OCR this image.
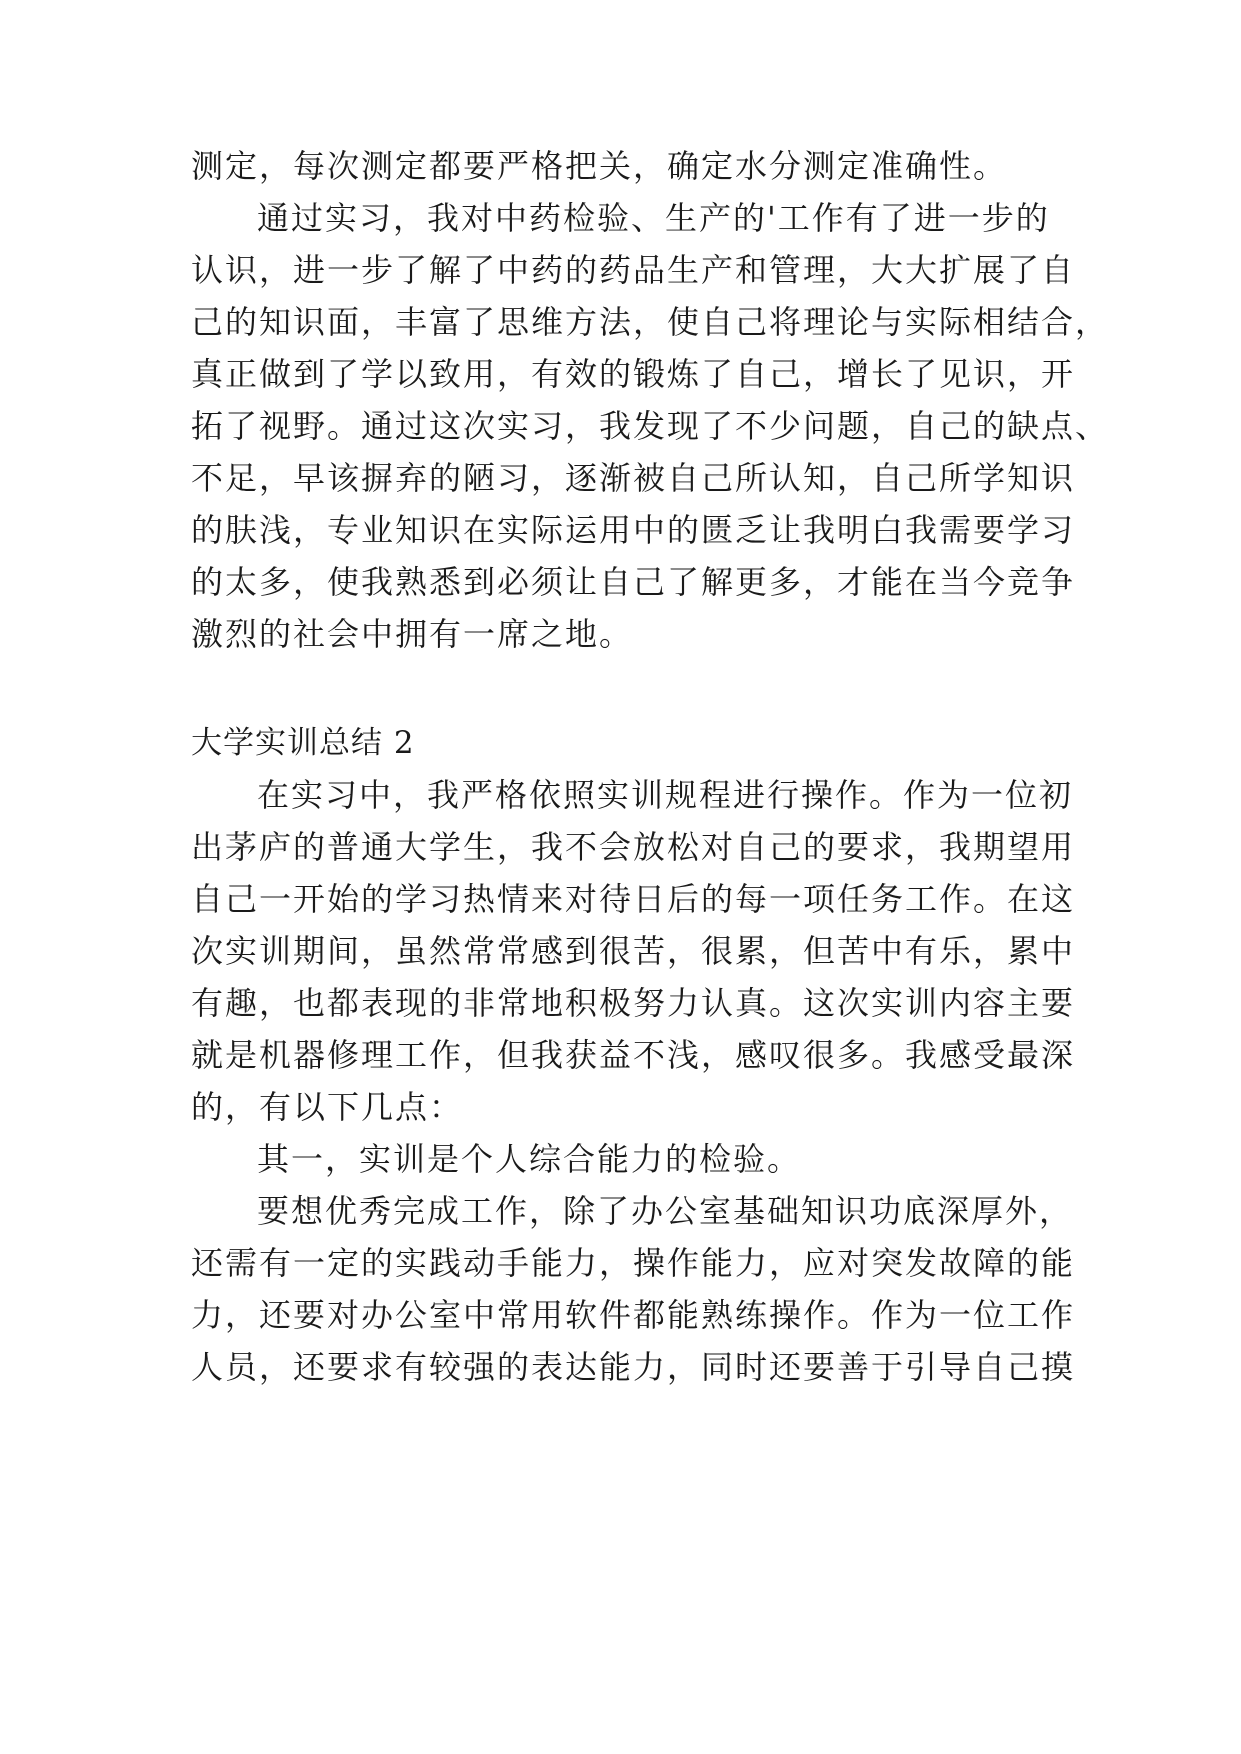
测定，每次测定都要严格把关，确定水分测定准确性。
通过实习，我对中药检验、生产的'工作有了进一步的
认识，进一步了解了中药的药品生产和管理，大大扩展了自
己的知识面，丰富了思维方法，使自己将理论与实际相结合，
真正做到了学以致用，有效的锻炼了自己，增长了见识，开
拓了视野。通过这次实习，我发现了不少问题，自己的缺点、
不足，早该摒弃的陋习，逐渐被自己所认知，自己所学知识
的肤浅，专业知识在实际运用中的匮乏让我明白我需要学习
的太多，使我熟悉到必须让自己了解更多，才能在当今竞争
激烈的社会中拥有一席之地。
大学实训总结 2
在实习中，我严格依照实训规程进行操作。作为一位初
出茅庐的普通大学生，我不会放松对自己的要求，我期望用
自己一开始的学习热情来对待日后的每一项任务工作。在这
次实训期间，虽然常常感到很苦，很累，但苦中有乐，累中
有趣，也都表现的非常地积极努力认真。这次实训内容主要
就是机器修理工作，但我获益不浅，感叹很多。我感受最深
的，有以下几点：
其一，实训是个人综合能力的检验。
要想优秀完成工作，除了办公室基础知识功底深厚外，
还需有一定的实践动手能力，操作能力，应对突发故障的能
力，还要对办公室中常用软件都能熟练操作。作为一位工作
人员，还要求有较强的表达能力，同时还要善于引导自己摸
